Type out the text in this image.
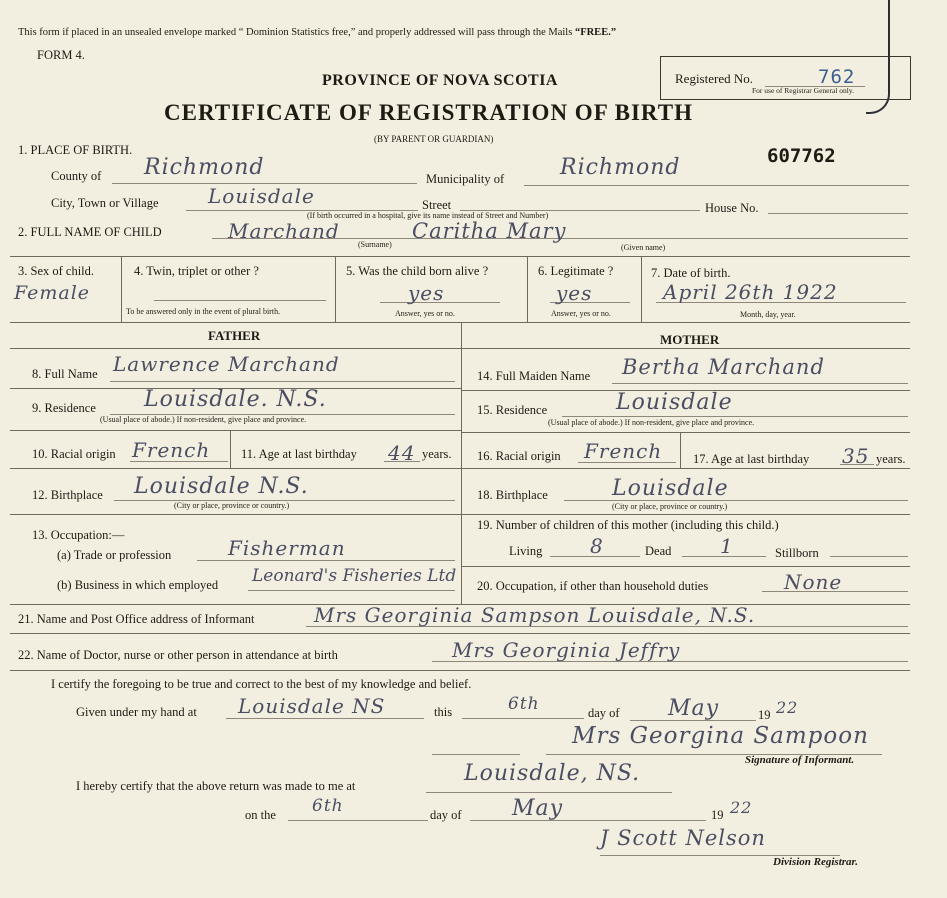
This form if placed in an unsealed envelope marked “ Dominion Statistics free,” and properly addressed will pass through the Mails “FREE.”
FORM 4.
Registered No.	762
For use of Registrar General only.
PROVINCE OF NOVA SCOTIA
CERTIFICATE OF REGISTRATION OF BIRTH
(BY PARENT OR GUARDIAN)
607762
1. PLACE OF BIRTH.
County of Richmond	Municipality of	Richmond
City, Town or Village Louisdale	Street	House No.
(If birth occurred in a hospital, give its name instead of Street and Number)
2. FULL NAME OF CHILD	Marchand	Caritha Mary
(Surname)	(Given name)
3. Sex of child.
Female
4. Twin, triplet or other ?
To be answered only in the event of plural birth.
5. Was the child born alive ?
yes
Answer, yes or no.
6. Legitimate ?
yes
Answer, yes or no.
7. Date of birth.
April 26th 1922
Month, day, year.
FATHER	MOTHER
8. Full Name Lawrence Marchand
9. Residence Louisdale. N.S.
(Usual place of abode.) If non-resident, give place and province.
10. Racial origin French 11. Age at last birthday 44 years.
12. Birthplace Louisdale N.S.
(City or place, province or country.)
13. Occupation:—
(a) Trade or profession	Fisherman
(b) Business in which employed Leonard's Fisheries Ltd
14. Full Maiden Name Bertha Marchand
15. Residence	Louisdale
(Usual place of abode.) If non-resident, give place and province.
16. Racial origin French 17. Age at last birthday 35 years.
18. Birthplace	Louisdale
(City or place, province or country.)
19. Number of children of this mother (including this child.)
Living 8	Dead 1	Stillborn
20. Occupation, if other than household duties	None
21. Name and Post Office address of Informant	Mrs Georginia Sampson Louisdale, N.S.
22. Name of Doctor, nurse or other person in attendance at birth	Mrs Georginia Jeffry
I certify the foregoing to be true and correct to the best of my knowledge and belief.
Given under my hand at Louisdale NS	this	6th	day of May	19 22
Mrs Georgina Sampoon
Signature of Informant.
I hereby certify that the above return was made to me at	Louisdale, NS.
on the 6th	day of May	19 22
J Scott Nelson
Division Registrar.
